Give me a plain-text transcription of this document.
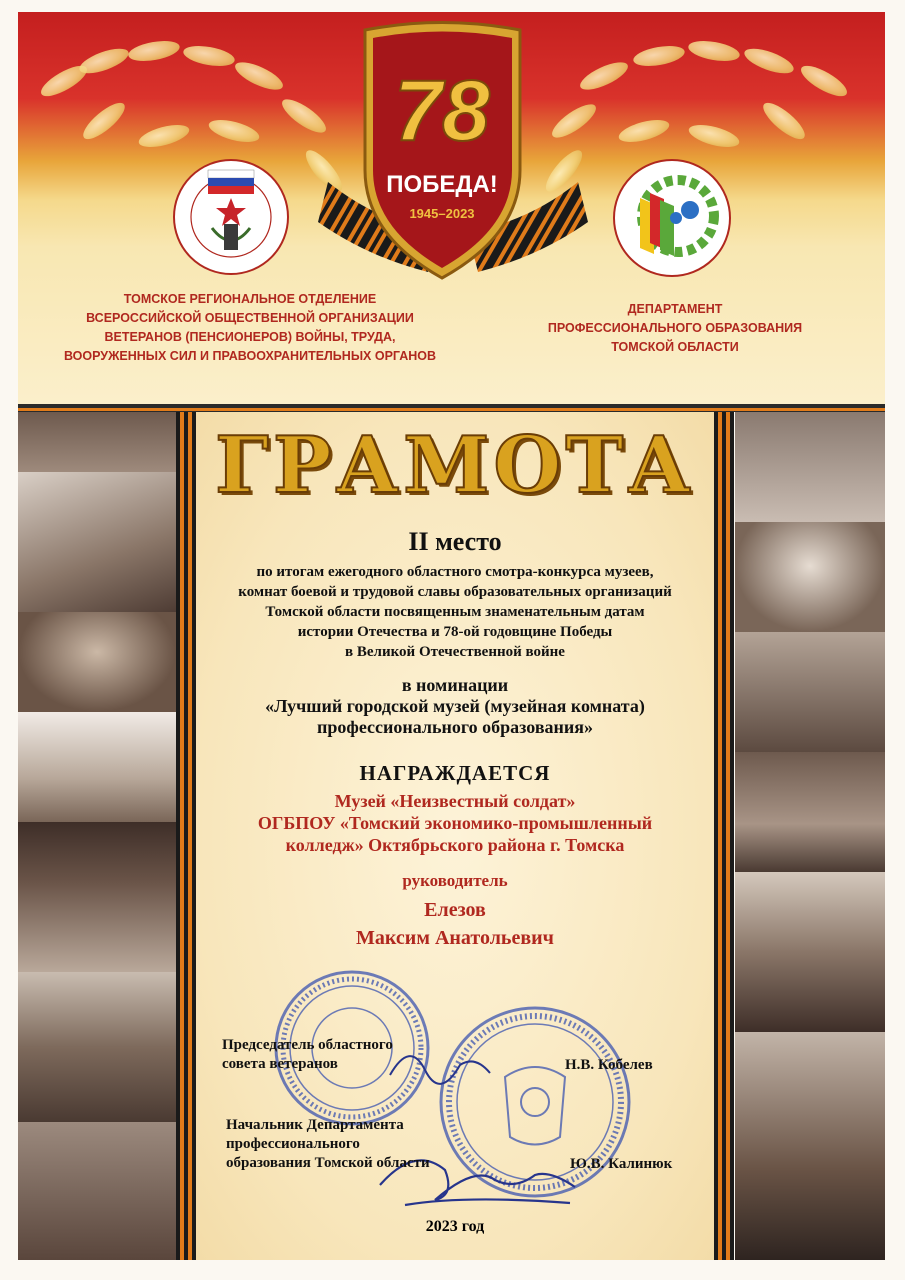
78
ПОБЕДА!
1945–2023
ТОМСКОЕ РЕГИОНАЛЬНОЕ ОТДЕЛЕНИЕ
ВСЕРОССИЙСКОЙ ОБЩЕСТВЕННОЙ ОРГАНИЗАЦИИ
ВЕТЕРАНОВ (ПЕНСИОНЕРОВ) ВОЙНЫ, ТРУДА,
ВООРУЖЕННЫХ СИЛ И ПРАВООХРАНИТЕЛЬНЫХ ОРГАНОВ
ДЕПАРТАМЕНТ
ПРОФЕССИОНАЛЬНОГО ОБРАЗОВАНИЯ
ТОМСКОЙ ОБЛАСТИ
ГРАМОТА
II место
по итогам ежегодного областного смотра-конкурса музеев,
комнат боевой и трудовой славы образовательных организаций
Томской области посвященным знаменательным датам
истории Отечества и 78-ой годовщине Победы
в Великой Отечественной войне
в номинации
«Лучший городской музей (музейная комната)
профессионального образования»
НАГРАЖДАЕТСЯ
Музей «Неизвестный солдат»
ОГБПОУ «Томский экономико-промышленный
колледж» Октябрьского района г. Томска
руководитель
Елезов
Максим Анатольевич
Председатель областного
совета ветеранов	Н.В. Кобелев
Начальник Департамента
профессионального
образования Томской области	Ю.В. Калинюк
2023 год
